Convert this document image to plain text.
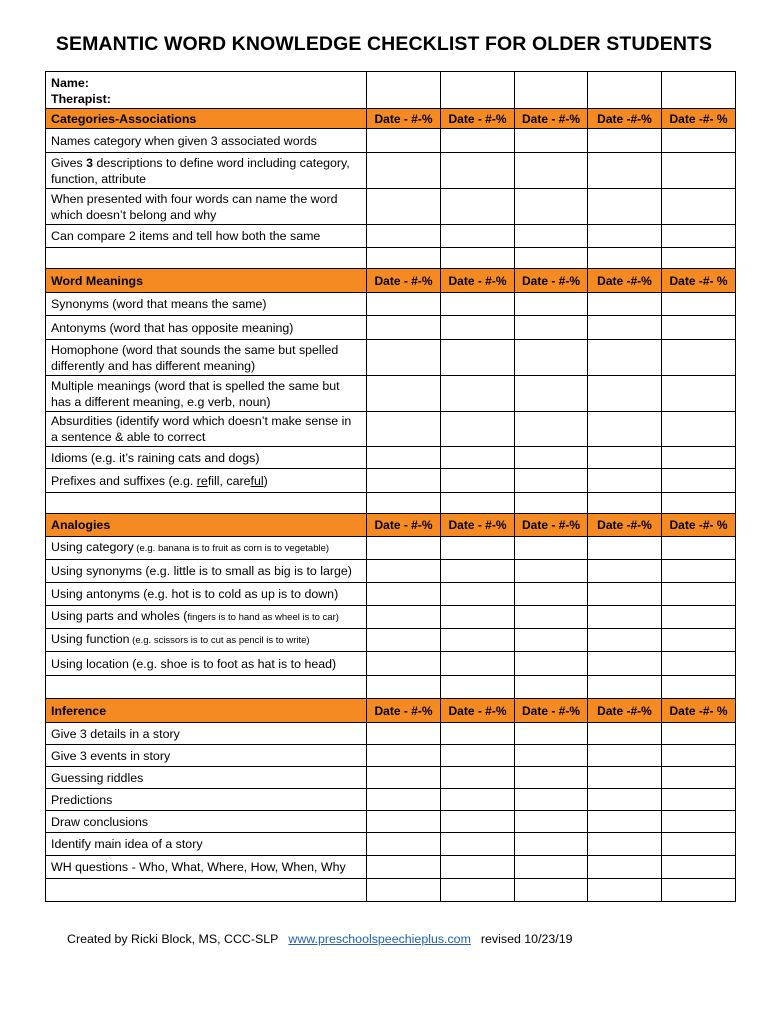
SEMANTIC WORD KNOWLEDGE CHECKLIST FOR OLDER STUDENTS
Name:
Therapist:					

Categories-Associations	Date - #-%	Date - #-%	Date - #-%	Date -#-%	Date -#- %
Names category when given 3 associated words					
Gives 3 descriptions to define word including category, function, attribute					
When presented with four words can name the word which doesn’t belong and why					
Can compare 2 items and tell how both the same					

Word Meanings	Date - #-%	Date - #-%	Date - #-%	Date -#-%	Date -#- %
Synonyms (word that means the same)					
Antonyms (word that has opposite meaning)					
Homophone (word that sounds the same but spelled differently and has different meaning)					
Multiple meanings (word that is spelled the same but has a different meaning, e.g verb, noun)					
Absurdities (identify word which doesn’t make sense in a sentence & able to correct					
Idioms (e.g. it’s raining cats and dogs)					
Prefixes and suffixes (e.g. refill, careful)					

Analogies	Date - #-%	Date - #-%	Date - #-%	Date -#-%	Date -#- %
Using category (e.g. banana is to fruit as corn is to vegetable)					
Using synonyms (e.g. little is to small as big is to large)					
Using antonyms (e.g. hot is to cold as up is to down)					
Using parts and wholes (fingers is to hand as wheel is to car)					
Using function (e.g. scissors is to cut as pencil is to write)					
Using location (e.g. shoe is to foot as hat is to head)					

Inference	Date - #-%	Date - #-%	Date - #-%	Date -#-%	Date -#- %
Give 3 details in a story					
Give 3 events in story					
Guessing riddles					
Predictions					
Draw conclusions					
Identify main idea of a story					
WH questions - Who, What, Where, How, When, Why					

Created by Ricki Block, MS, CCC-SLP www.preschoolspeechieplus.com revised 10/23/19
